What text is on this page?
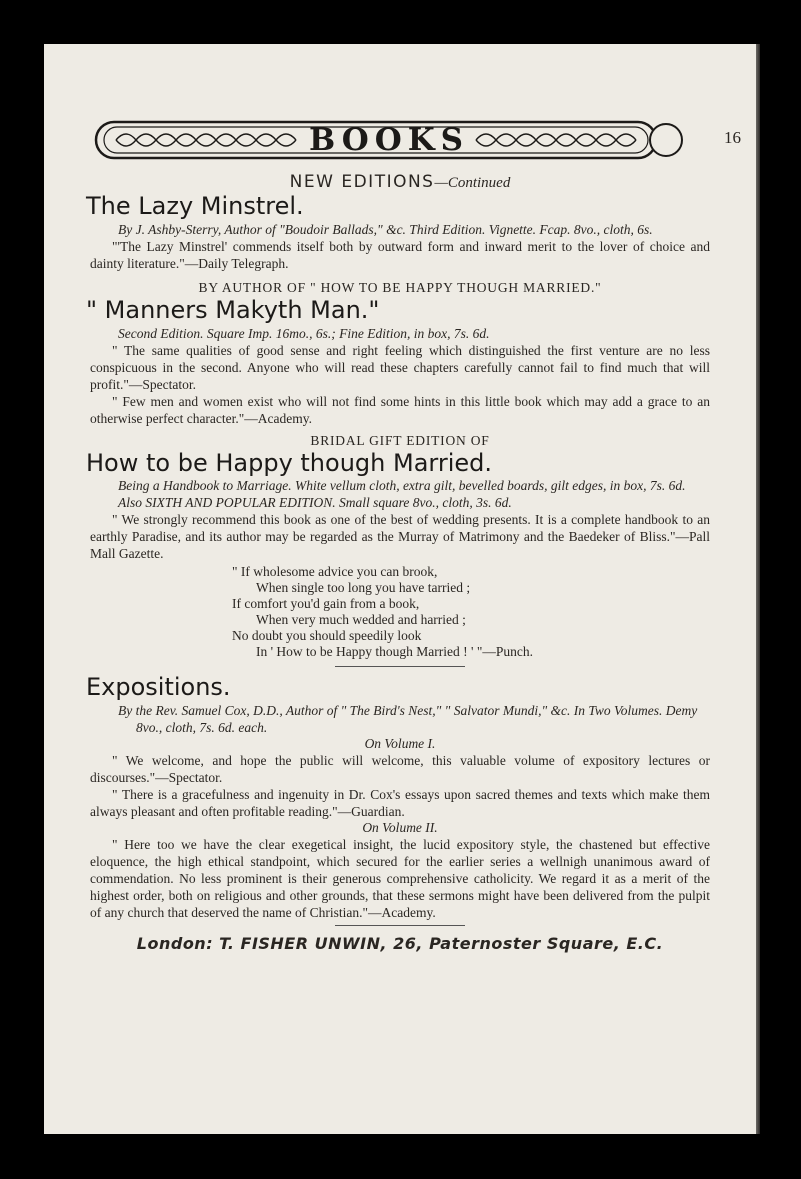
BOOKS	16

NEW EDITIONS—Continued

The Lazy Minstrel.

By J. Ashby-Sterry, Author of "Boudoir Ballads," &c. Third Edition. Vignette. Fcap. 8vo., cloth, 6s.

"'The Lazy Minstrel' commends itself both by outward form and inward merit to the lover of choice and dainty literature."—Daily Telegraph.

BY AUTHOR OF " HOW TO BE HAPPY THOUGH MARRIED."

" Manners Makyth Man."

Second Edition. Square Imp. 16mo., 6s.; Fine Edition, in box, 7s. 6d.

" The same qualities of good sense and right feeling which distinguished the first venture are no less conspicuous in the second. Anyone who will read these chapters carefully cannot fail to find much that will profit."—Spectator.

" Few men and women exist who will not find some hints in this little book which may add a grace to an otherwise perfect character."—Academy.

BRIDAL GIFT EDITION OF

How to be Happy though Married.

Being a Handbook to Marriage. White vellum cloth, extra gilt, bevelled boards, gilt edges, in box, 7s. 6d.

Also SIXTH AND POPULAR EDITION. Small square 8vo., cloth, 3s. 6d.

" We strongly recommend this book as one of the best of wedding presents. It is a complete handbook to an earthly Paradise, and its author may be regarded as the Murray of Matrimony and the Baedeker of Bliss."—Pall Mall Gazette.

" If wholesome advice you can brook,
When single too long you have tarried ;
If comfort you'd gain from a book,
When very much wedded and harried ;
No doubt you should speedily look
In ' How to be Happy though Married ! ' "—Punch.

Expositions.

By the Rev. Samuel Cox, D.D., Author of " The Bird's Nest," " Salvator Mundi," &c. In Two Volumes. Demy 8vo., cloth, 7s. 6d. each.

On Volume I.

" We welcome, and hope the public will welcome, this valuable volume of expository lectures or discourses."—Spectator.

" There is a gracefulness and ingenuity in Dr. Cox's essays upon sacred themes and texts which make them always pleasant and often profitable reading."—Guardian.

On Volume II.

" Here too we have the clear exegetical insight, the lucid expository style, the chastened but effective eloquence, the high ethical standpoint, which secured for the earlier series a wellnigh unanimous award of commendation. No less prominent is their generous comprehensive catholicity. We regard it as a merit of the highest order, both on religious and other grounds, that these sermons might have been delivered from the pulpit of any church that deserved the name of Christian."—Academy.

London: T. FISHER UNWIN, 26, Paternoster Square, E.C.
